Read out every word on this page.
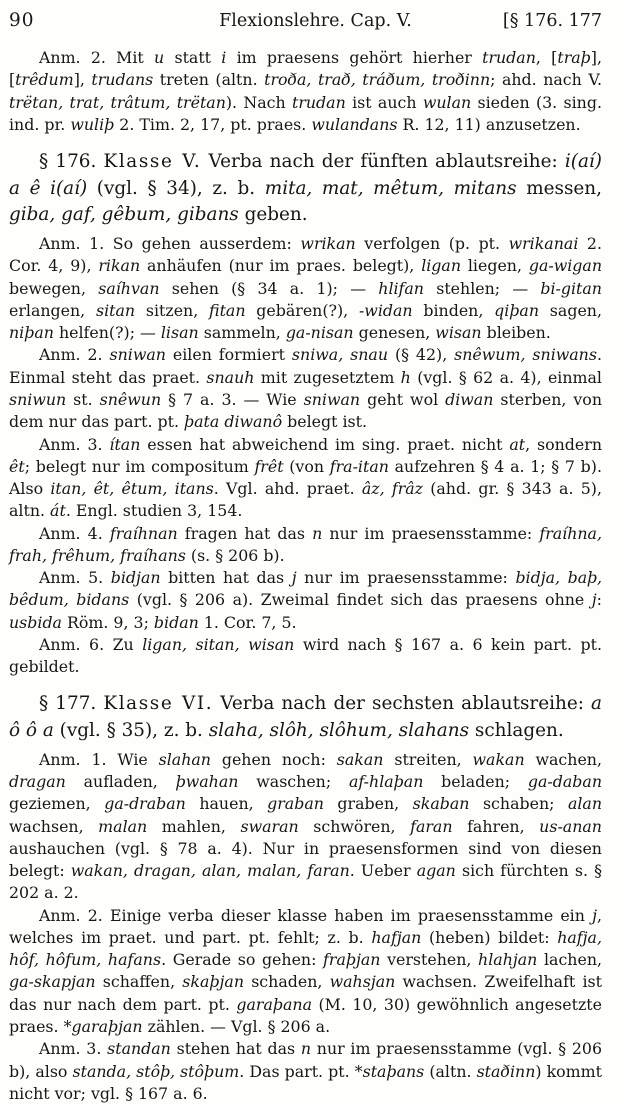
90	Flexionslehre. Cap. V.	[§ 176. 177

Anm. 2. Mit u statt i im praesens gehört hierher trudan, [traþ], [trêdum], trudans treten (altn. troða, trað, tráðum, troðinn; ahd. nach V. trëtan, trat, trâtum, trëtan). Nach trudan ist auch wulan sieden (3. sing. ind. pr. wuliþ 2. Tim. 2, 17, pt. praes. wulandans R. 12, 11) anzusetzen.

§ 176. Klasse V. Verba nach der fünften ablautsreihe: i(aí) a ê i(aí) (vgl. § 34), z. b. mita, mat, mêtum, mitans messen, giba, gaf, gêbum, gibans geben.

Anm. 1. So gehen ausserdem: wrikan verfolgen (p. pt. wrikanai 2. Cor. 4, 9), rikan anhäufen (nur im praes. belegt), ligan liegen, ga-wigan bewegen, saíhvan sehen (§ 34 a. 1); — hlifan stehlen; — bi-gitan erlangen, sitan sitzen, fitan gebären(?), -widan binden, qiþan sagen, niþan helfen(?); — lisan sammeln, ga-nisan genesen, wisan bleiben.

Anm. 2. sniwan eilen formiert sniwa, snau (§ 42), snêwum, sniwans. Einmal steht das praet. snauh mit zugesetztem h (vgl. § 62 a. 4), einmal sniwun st. snêwun § 7 a. 3. — Wie sniwan geht wol diwan sterben, von dem nur das part. pt. þata diwanô belegt ist.

Anm. 3. ítan essen hat abweichend im sing. praet. nicht at, sondern êt; belegt nur im compositum frêt (von fra-itan aufzehren § 4 a. 1; § 7 b). Also itan, êt, êtum, itans. Vgl. ahd. praet. âz, frâz (ahd. gr. § 343 a. 5), altn. át. Engl. studien 3, 154.

Anm. 4. fraíhnan fragen hat das n nur im praesensstamme: fraíhna, frah, frêhum, fraíhans (s. § 206 b).

Anm. 5. bidjan bitten hat das j nur im praesensstamme: bidja, baþ, bêdum, bidans (vgl. § 206 a). Zweimal findet sich das praesens ohne j: usbida Röm. 9, 3; bidan 1. Cor. 7, 5.

Anm. 6. Zu ligan, sitan, wisan wird nach § 167 a. 6 kein part. pt. gebildet.

§ 177. Klasse VI. Verba nach der sechsten ablautsreihe: a ô ô a (vgl. § 35), z. b. slaha, slôh, slôhum, slahans schlagen.

Anm. 1. Wie slahan gehen noch: sakan streiten, wakan wachen, dragan aufladen, þwahan waschen; af-hlaþan beladen; ga-daban geziemen, ga-draban hauen, graban graben, skaban schaben; alan wachsen, malan mahlen, swaran schwören, faran fahren, us-anan aushauchen (vgl. § 78 a. 4). Nur in praesensformen sind von diesen belegt: wakan, dragan, alan, malan, faran. Ueber agan sich fürchten s. § 202 a. 2.

Anm. 2. Einige verba dieser klasse haben im praesensstamme ein j, welches im praet. und part. pt. fehlt; z. b. hafjan (heben) bildet: hafja, hôf, hôfum, hafans. Gerade so gehen: fraþjan verstehen, hlahjan lachen, ga-skapjan schaffen, skaþjan schaden, wahsjan wachsen. Zweifelhaft ist das nur nach dem part. pt. garaþana (M. 10, 30) gewöhnlich angesetzte praes. *garaþjan zählen. — Vgl. § 206 a.

Anm. 3. standan stehen hat das n nur im praesensstamme (vgl. § 206 b), also standa, stôþ, stôþum. Das part. pt. *staþans (altn. staðinn) kommt nicht vor; vgl. § 167 a. 6.
